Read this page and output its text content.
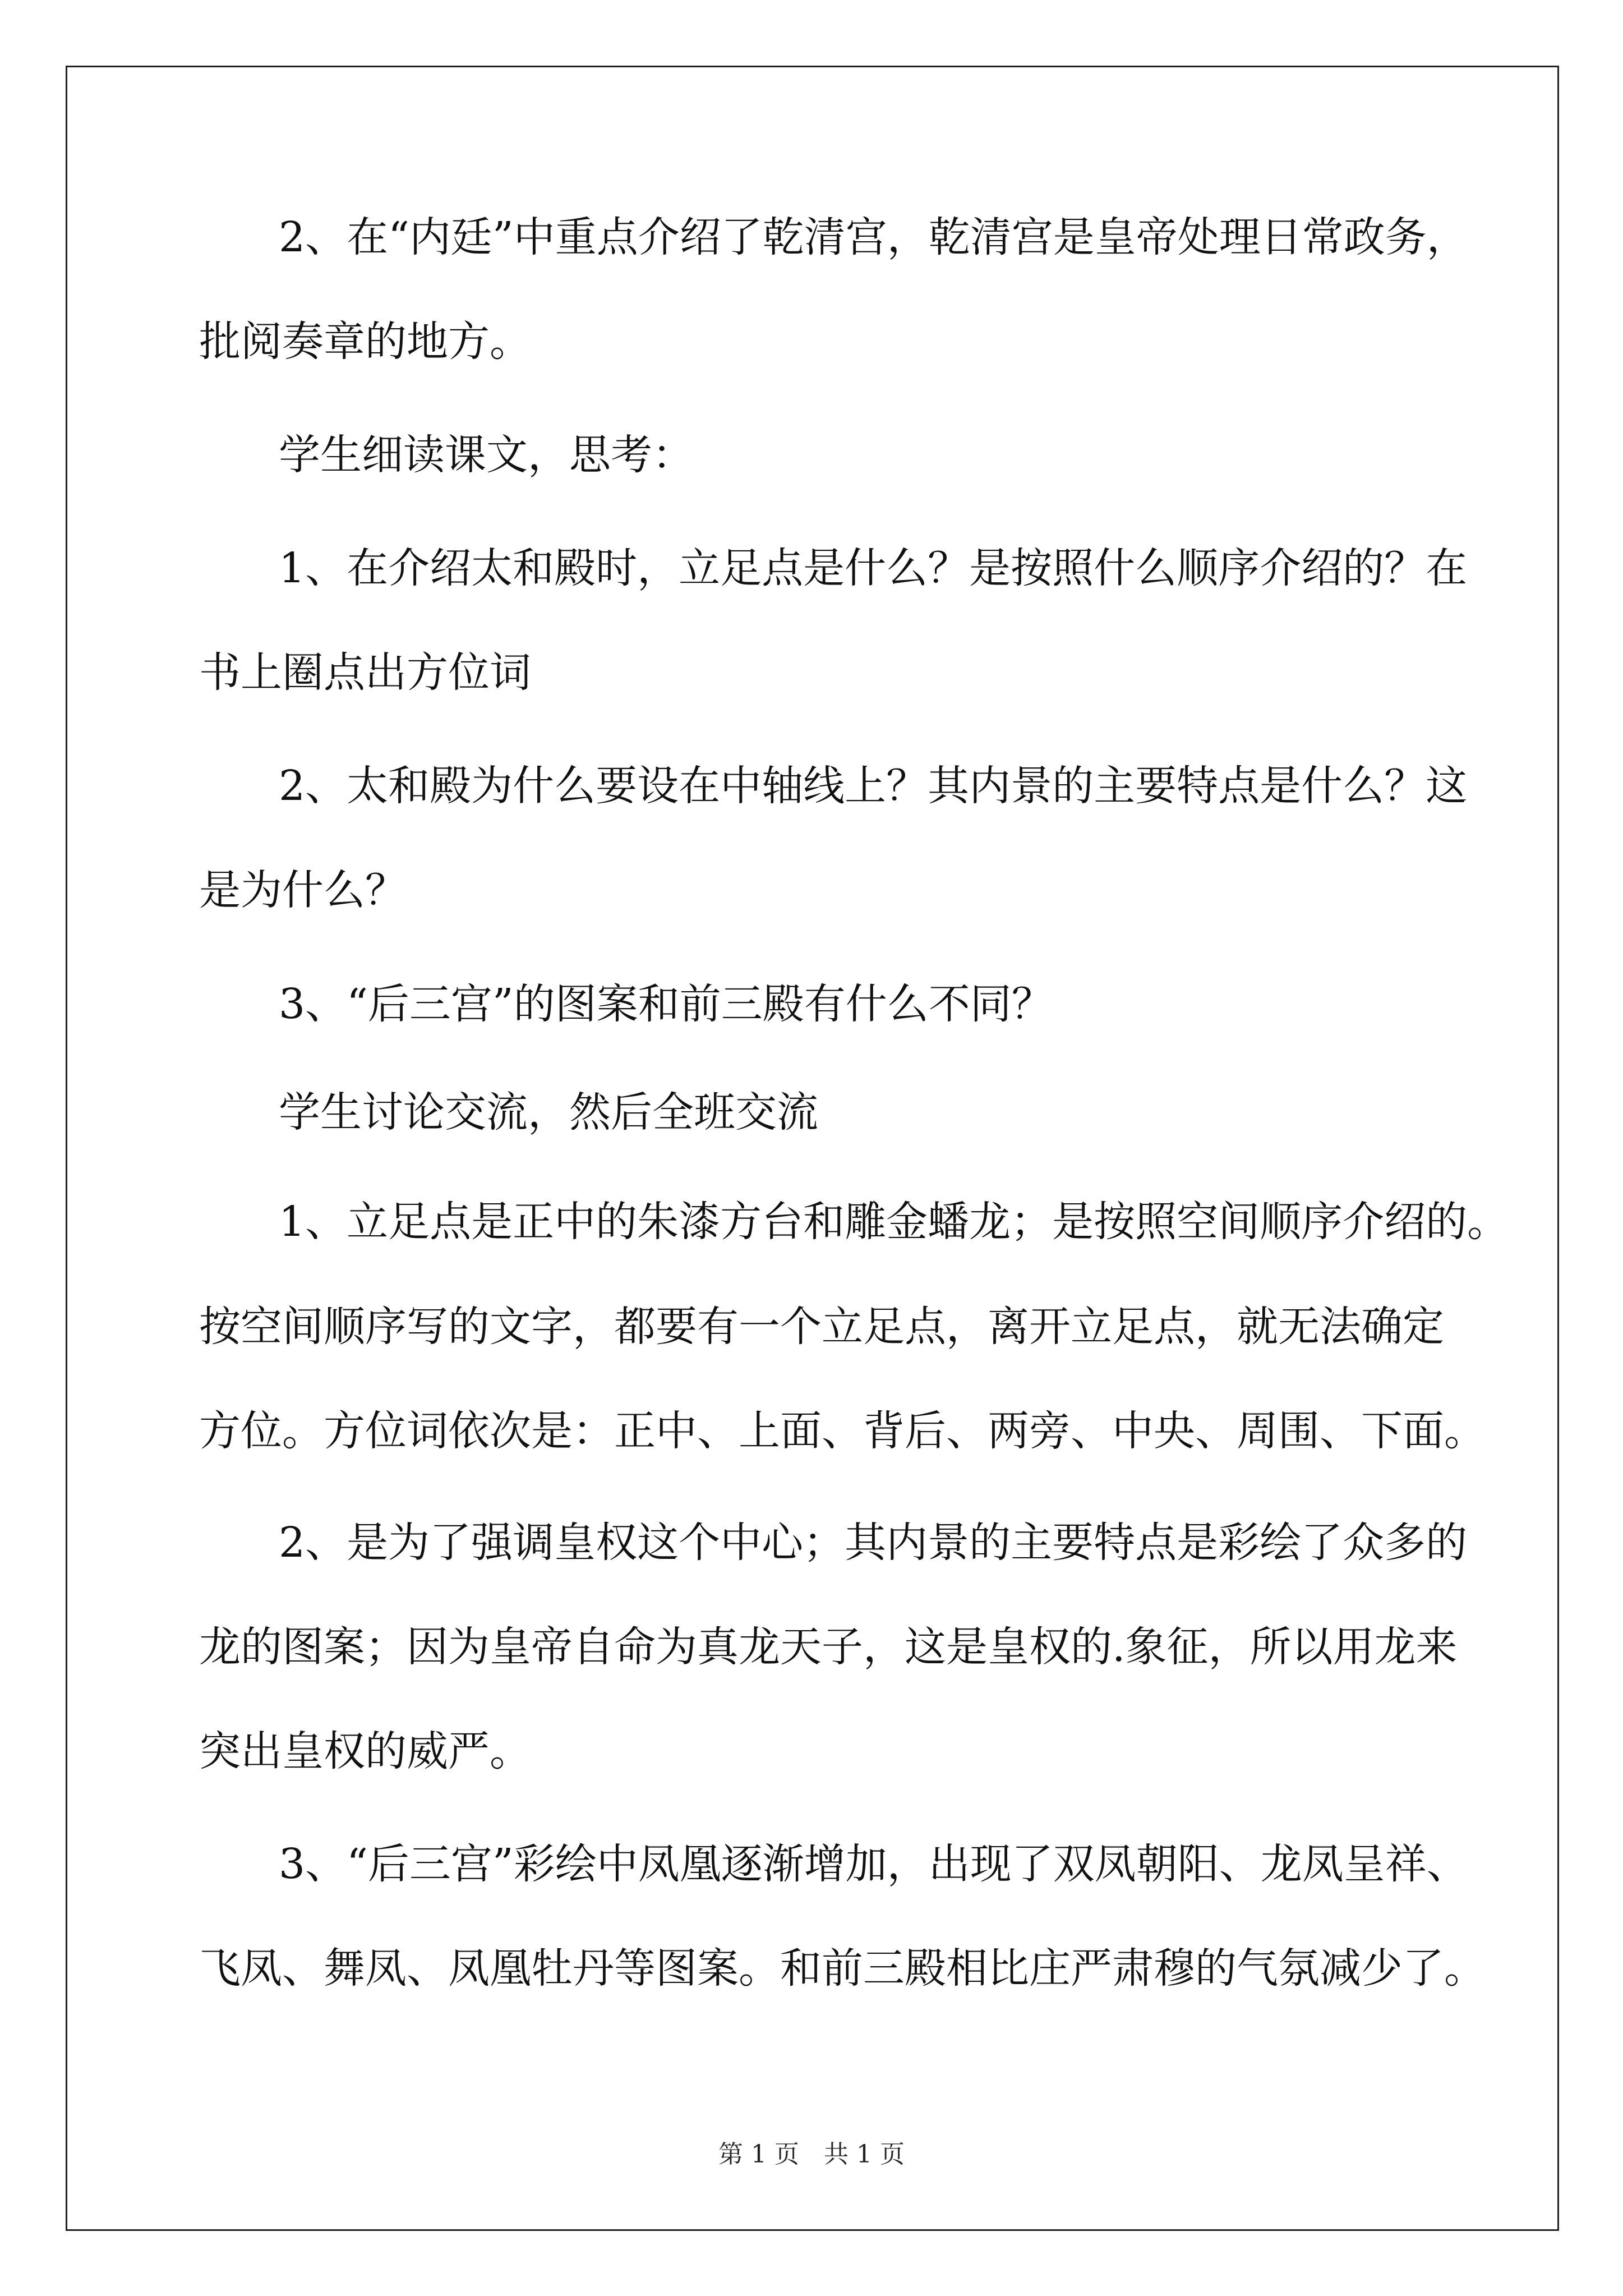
2、在“内廷”中重点介绍了乾清宫，乾清宫是皇帝处理日常政务，
批阅奏章的地方。
学生细读课文，思考：
1、在介绍太和殿时，立足点是什么？是按照什么顺序介绍的？在
书上圈点出方位词
2、太和殿为什么要设在中轴线上？其内景的主要特点是什么？这
是为什么？
3、“后三宫”的图案和前三殿有什么不同？
学生讨论交流，然后全班交流
1、立足点是正中的朱漆方台和雕金蟠龙；是按照空间顺序介绍的。
按空间顺序写的文字，都要有一个立足点，离开立足点，就无法确定
方位。方位词依次是：正中、上面、背后、两旁、中央、周围、下面。
2、是为了强调皇权这个中心；其内景的主要特点是彩绘了众多的
龙的图案；因为皇帝自命为真龙天子，这是皇权的.象征，所以用龙来
突出皇权的威严。
3、“后三宫”彩绘中凤凰逐渐增加，出现了双凤朝阳、龙凤呈祥、
飞凤、舞凤、凤凰牡丹等图案。和前三殿相比庄严肃穆的气氛减少了。
第 1 页　共 1 页
